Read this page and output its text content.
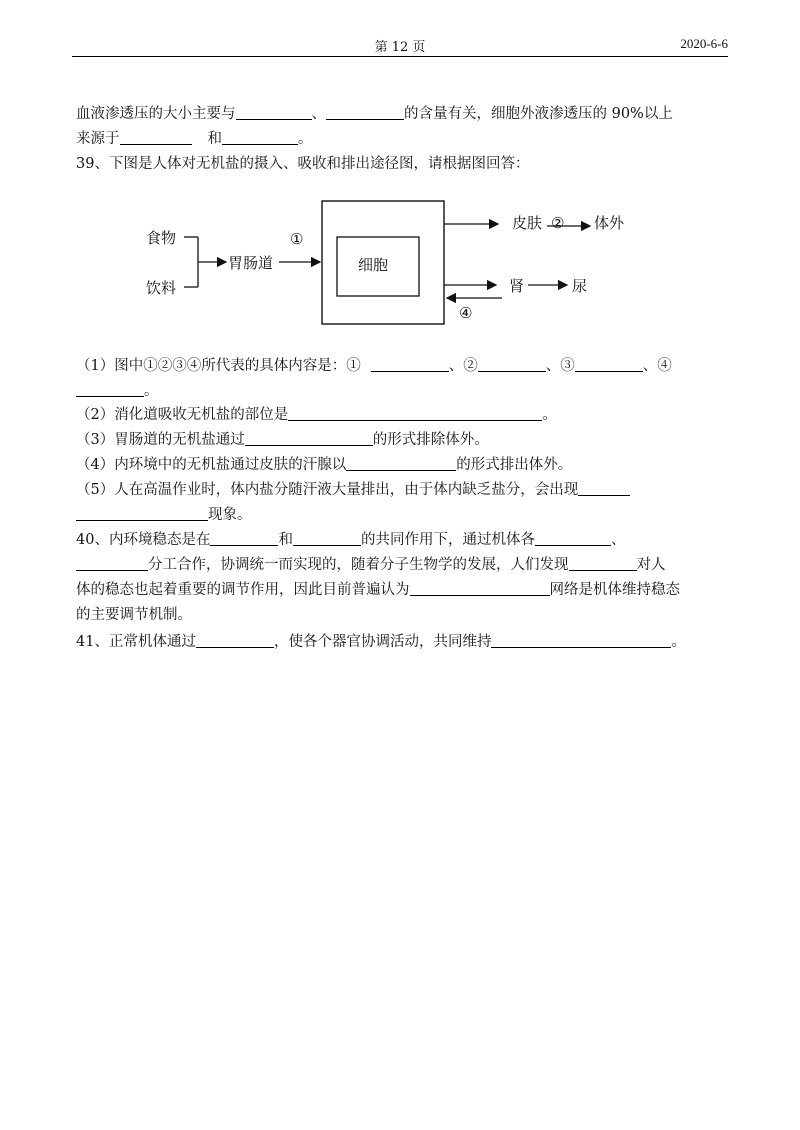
第 12 页	2020-6-6
血液渗透压的大小主要与	、	的含量有关，细胞外液渗透压的 90%以上
来源于	和	。
39、下图是人体对无机盐的摄入、吸收和排出途径图，请根据图回答：
食物
饮料
胃肠道
①
细胞
皮肤 ② 体外
肾	尿
④
（1）图中①②③④所代表的具体内容是：①	、②	、③	、④
。
（2）消化道吸收无机盐的部位是	。
（3）胃肠道的无机盐通过	的形式排除体外。
（4）内环境中的无机盐通过皮肤的汗腺以	的形式排出体外。
（5）人在高温作业时，体内盐分随汗液大量排出，由于体内缺乏盐分，会出现
现象。
40、内环境稳态是在	和	的共同作用下，通过机体各	、
分工合作，协调统一而实现的，随着分子生物学的发展，人们发现	对人
体的稳态也起着重要的调节作用，因此目前普遍认为	网络是机体维持稳态
的主要调节机制。
41、正常机体通过	，使各个器官协调活动，共同维持	。
